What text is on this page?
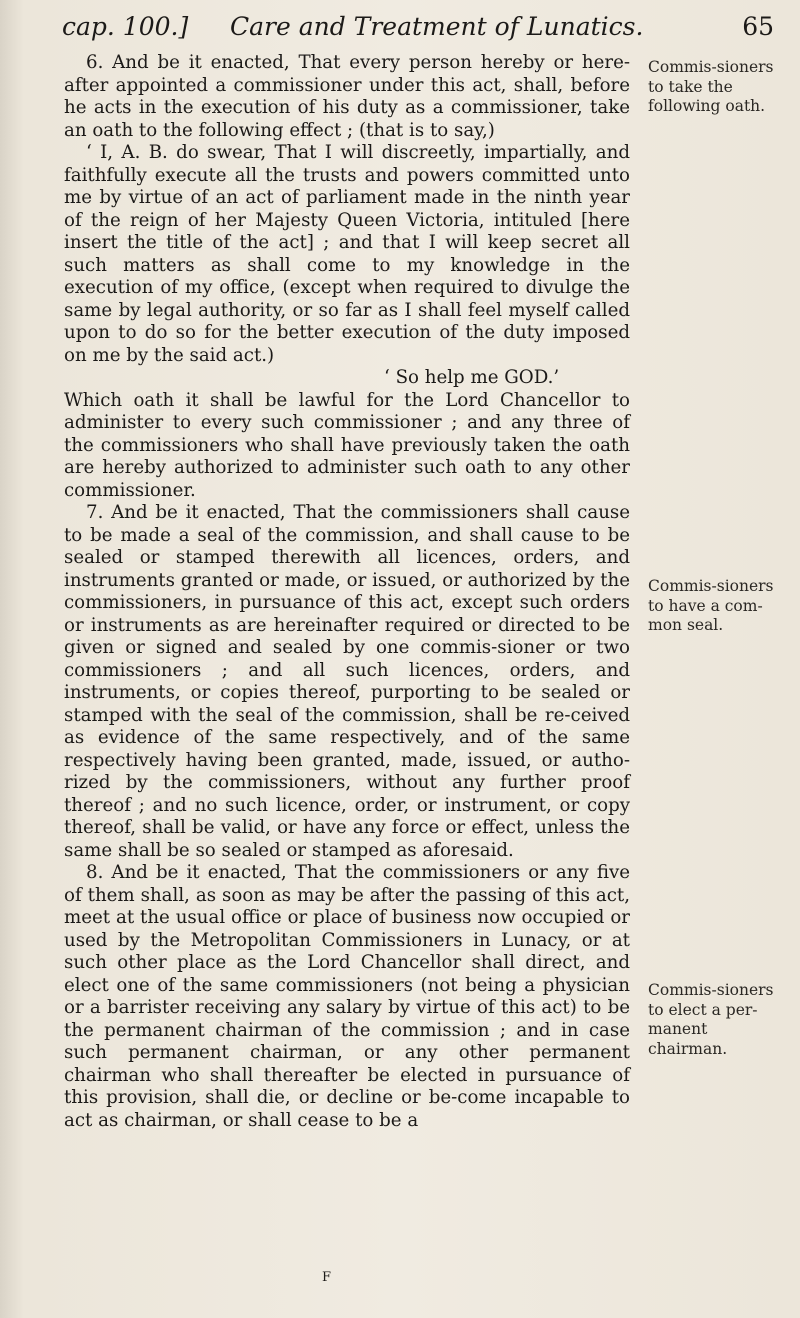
cap. 100.] Care and Treatment of Lunatics.	65

6. And be it enacted, That every person hereby or here-after appointed a commissioner under this act, shall, before he acts in the execution of his duty as a commissioner, take an oath to the following effect ; (that is to say,)

‘ I, A. B. do swear, That I will discreetly, impartially, and faithfully execute all the trusts and powers committed unto me by virtue of an act of parliament made in the ninth year of the reign of her Majesty Queen Victoria, intituled [here insert the title of the act] ; and that I will keep secret all such matters as shall come to my knowledge in the execution of my office, (except when required to divulge the same by legal authority, or so far as I shall feel myself called upon to do so for the better execution of the duty imposed on me by the said act.)

‘ So help me GOD.’

Which oath it shall be lawful for the Lord Chancellor to administer to every such commissioner ; and any three of the commissioners who shall have previously taken the oath are hereby authorized to administer such oath to any other commissioner.

7. And be it enacted, That the commissioners shall cause to be made a seal of the commission, and shall cause to be sealed or stamped therewith all licences, orders, and instruments granted or made, or issued, or authorized by the commissioners, in pursuance of this act, except such orders or instruments as are hereinafter required or directed to be given or signed and sealed by one commis-sioner or two commissioners ; and all such licences, orders, and instruments, or copies thereof, purporting to be sealed or stamped with the seal of the commission, shall be re-ceived as evidence of the same respectively, and of the same respectively having been granted, made, issued, or autho-rized by the commissioners, without any further proof thereof ; and no such licence, order, or instrument, or copy thereof, shall be valid, or have any force or effect, unless the same shall be so sealed or stamped as aforesaid.

8. And be it enacted, That the commissioners or any five of them shall, as soon as may be after the passing of this act, meet at the usual office or place of business now occupied or used by the Metropolitan Commissioners in Lunacy, or at such other place as the Lord Chancellor shall direct, and elect one of the same commissioners (not being a physician or a barrister receiving any salary by virtue of this act) to be the permanent chairman of the commission ; and in case such permanent chairman, or any other permanent chairman who shall thereafter be elected in pursuance of this provision, shall die, or decline or be-come incapable to act as chairman, or shall cease to be a

Commis-sioners to take the following oath.
Commis-sioners to have a com-mon seal.
Commis-sioners to elect a per-manent chairman.
F
